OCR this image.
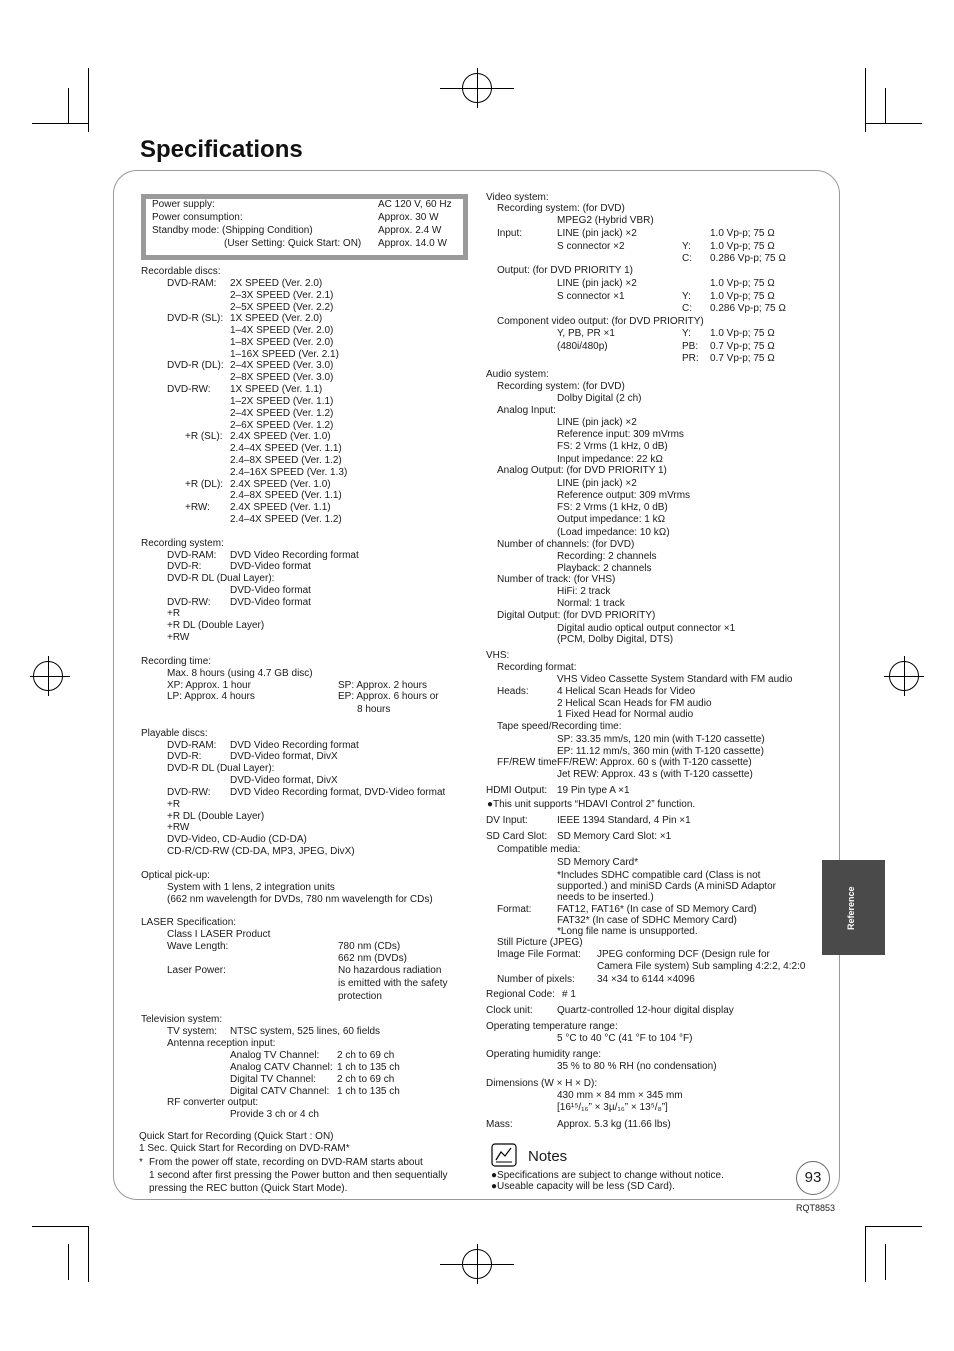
Specifications
Power supply:	AC 120 V, 60 Hz
Power consumption:	Approx. 30 W
Standby mode: (Shipping Condition)	Approx. 2.4 W
(User Setting: Quick Start: ON) Approx. 14.0 W
Recordable discs:
DVD-RAM: 2X SPEED (Ver. 2.0)
2–3X SPEED (Ver. 2.1)
2–5X SPEED (Ver. 2.2)
DVD-R (SL): 1X SPEED (Ver. 2.0)
1–4X SPEED (Ver. 2.0)
1–8X SPEED (Ver. 2.0)
1–16X SPEED (Ver. 2.1)
DVD-R (DL): 2–4X SPEED (Ver. 3.0)
2–8X SPEED (Ver. 3.0)
DVD-RW: 1X SPEED (Ver. 1.1)
1–2X SPEED (Ver. 1.1)
2–4X SPEED (Ver. 1.2)
2–6X SPEED (Ver. 1.2)
+R (SL): 2.4X SPEED (Ver. 1.0)
2.4–4X SPEED (Ver. 1.1)
2.4–8X SPEED (Ver. 1.2)
2.4–16X SPEED (Ver. 1.3)
+R (DL): 2.4X SPEED (Ver. 1.0)
2.4–8X SPEED (Ver. 1.1)
+RW: 2.4X SPEED (Ver. 1.1)
2.4–4X SPEED (Ver. 1.2)
Recording system:
DVD-RAM: DVD Video Recording format
DVD-R:	DVD-Video format
DVD-R DL (Dual Layer):
DVD-Video format
DVD-RW: DVD-Video format
+R
+R DL (Double Layer)
+RW
Recording time:
Max. 8 hours (using 4.7 GB disc)
XP: Approx. 1 hour	SP: Approx. 2 hours
LP: Approx. 4 hours	EP: Approx. 6 hours or
8 hours
Playable discs:
DVD-RAM: DVD Video Recording format
DVD-R:	DVD-Video format, DivX
DVD-R DL (Dual Layer):
DVD-Video format, DivX
DVD-RW: DVD Video Recording format, DVD-Video format
+R
+R DL (Double Layer)
+RW
DVD-Video, CD-Audio (CD-DA)
CD-R/CD-RW (CD-DA, MP3, JPEG, DivX)
Optical pick-up:
System with 1 lens, 2 integration units
(662 nm wavelength for DVDs, 780 nm wavelength for CDs)
LASER Specification:
Class I LASER Product
Wave Length:	780 nm (CDs)
662 nm (DVDs)
Laser Power:	No hazardous radiation
is emitted with the safety
protection
Television system:
TV system: NTSC system, 525 lines, 60 fields
Antenna reception input:
Analog TV Channel: 2 ch to 69 ch
Analog CATV Channel: 1 ch to 135 ch
Digital TV Channel: 2 ch to 69 ch
Digital CATV Channel: 1 ch to 135 ch
RF converter output:
Provide 3 ch or 4 ch
Quick Start for Recording (Quick Start : ON)
1 Sec. Quick Start for Recording on DVD-RAM*
* From the power off state, recording on DVD-RAM starts about
1 second after first pressing the Power button and then sequentially
pressing the REC button (Quick Start Mode).
Video system:
Recording system: (for DVD)
MPEG2 (Hybrid VBR)
Input:	LINE (pin jack) ×2	1.0 Vp-p; 75 Ω
S connector ×2	Y: 1.0 Vp-p; 75 Ω
C: 0.286 Vp-p; 75 Ω
Output: (for DVD PRIORITY 1)
LINE (pin jack) ×2	1.0 Vp-p; 75 Ω
S connector ×1	Y: 1.0 Vp-p; 75 Ω
C: 0.286 Vp-p; 75 Ω
Component video output: (for DVD PRIORITY)
Y, PB, PR ×1	Y: 1.0 Vp-p; 75 Ω
(480i/480p)	PB: 0.7 Vp-p; 75 Ω
PR: 0.7 Vp-p; 75 Ω
Audio system:
Recording system: (for DVD)
Dolby Digital (2 ch)
Analog Input:
LINE (pin jack) ×2
Reference input: 309 mVrms
FS: 2 Vrms (1 kHz, 0 dB)
Input impedance: 22 kΩ
Analog Output: (for DVD PRIORITY 1)
LINE (pin jack) ×2
Reference output: 309 mVrms
FS: 2 Vrms (1 kHz, 0 dB)
Output impedance: 1 kΩ
(Load impedance: 10 kΩ)
Number of channels: (for DVD)
Recording: 2 channels
Playback: 2 channels
Number of track: (for VHS)
HiFi: 2 track
Normal: 1 track
Digital Output: (for DVD PRIORITY)
Digital audio optical output connector ×1
(PCM, Dolby Digital, DTS)
VHS:
Recording format:
VHS Video Cassette System Standard with FM audio
Heads:	4 Helical Scan Heads for Video
2 Helical Scan Heads for FM audio
1 Fixed Head for Normal audio
Tape speed/Recording time:
SP: 33.35 mm/s, 120 min (with T-120 cassette)
EP: 11.12 mm/s, 360 min (with T-120 cassette)
FF/REW time:
FF/REW: Approx. 60 s (with T-120 cassette)
Jet REW: Approx. 43 s (with T-120 cassette)
HDMI Output: 19 Pin type A ×1
●This unit supports “HDAVI Control 2” function.
DV Input:	IEEE 1394 Standard, 4 Pin ×1
SD Card Slot: SD Memory Card Slot: ×1
Compatible media:
SD Memory Card*
*Includes SDHC compatible card (Class is not
supported.) and miniSD Cards (A miniSD Adaptor
needs to be inserted.)
Format:	FAT12, FAT16* (In case of SD Memory Card)
FAT32* (In case of SDHC Memory Card)
*Long file name is unsupported.
Still Picture (JPEG)
Image File Format: JPEG conforming DCF (Design rule for
Camera File system) Sub sampling 4:2:2, 4:2:0
Number of pixels: 34 ×34 to 6144 ×4096
Regional Code: # 1
Clock unit: Quartz-controlled 12-hour digital display
Operating temperature range:
5 °C to 40 °C (41 °F to 104 °F)
Operating humidity range:
35 % to 80 % RH (no condensation)
Dimensions (W × H × D):
430 mm × 84 mm × 345 mm
[16¹⁵/₁₆” × 3µ/₁₆” × 13⁵/₈”]
Mass:	Approx. 5.3 kg (11.66 lbs)
Reference
Notes
●Specifications are subject to change without notice.
●Useable capacity will be less (SD Card).
93
RQT8853
